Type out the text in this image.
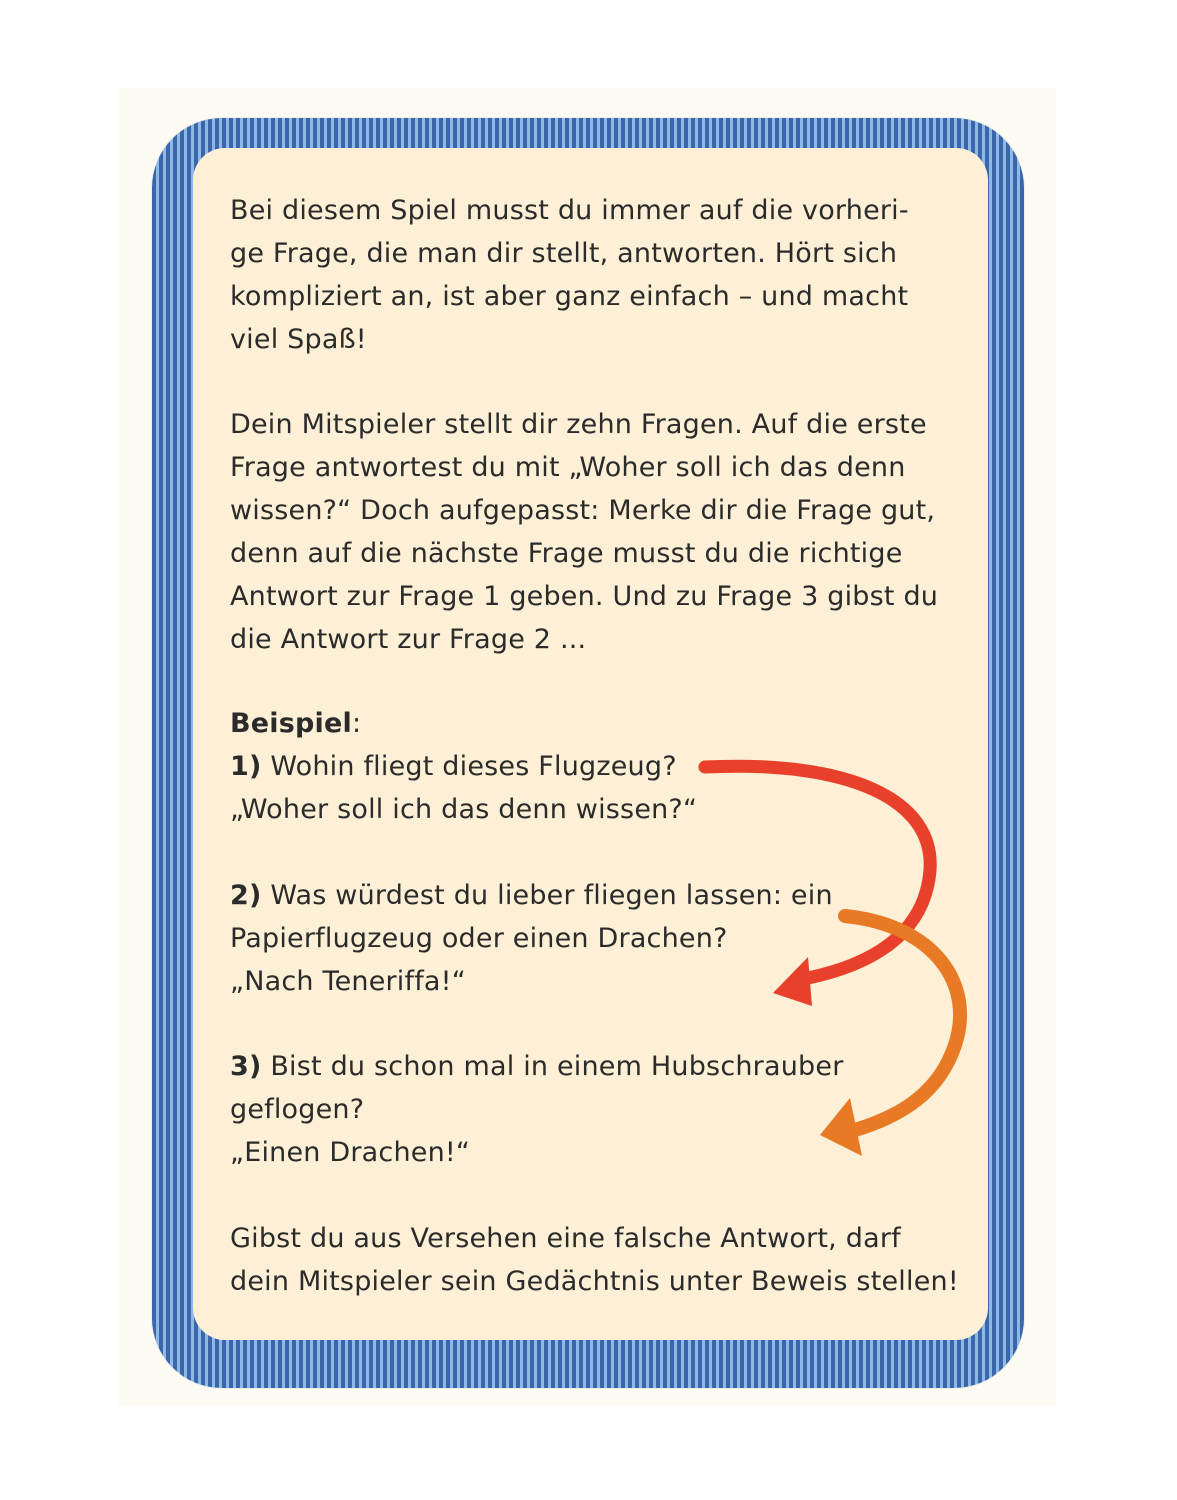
Bei diesem Spiel musst du immer auf die vorheri-

ge Frage, die man dir stellt, antworten. Hört sich

kompliziert an, ist aber ganz einfach – und macht

viel Spaß!

Dein Mitspieler stellt dir zehn Fragen. Auf die erste

Frage antwortest du mit „Woher soll ich das denn

wissen?“ Doch aufgepasst: Merke dir die Frage gut,

denn auf die nächste Frage musst du die richtige

Antwort zur Frage 1 geben. Und zu Frage 3 gibst du

die Antwort zur Frage 2 ...

Beispiel:

1) Wohin fliegt dieses Flugzeug?

„Woher soll ich das denn wissen?“

2) Was würdest du lieber fliegen lassen: ein

Papierflugzeug oder einen Drachen?

„Nach Teneriffa!“

3) Bist du schon mal in einem Hubschrauber

geflogen?

„Einen Drachen!“

Gibst du aus Versehen eine falsche Antwort, darf

dein Mitspieler sein Gedächtnis unter Beweis stellen!
